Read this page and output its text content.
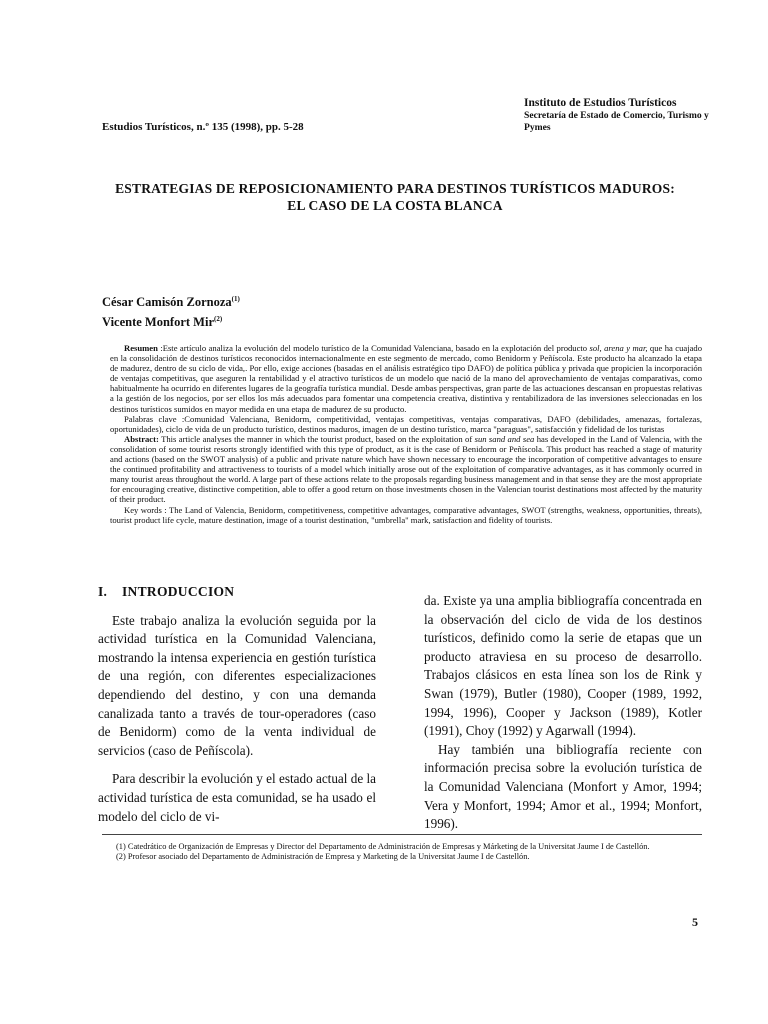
Instituto de Estudios Turísticos
Secretaría de Estado de Comercio, Turismo y Pymes
Estudios Turísticos, n.º 135 (1998), pp. 5-28
ESTRATEGIAS DE REPOSICIONAMIENTO PARA DESTINOS TURÍSTICOS MADUROS: EL CASO DE LA COSTA BLANCA
César Camisón Zornoza$^{(1)}$
Vicente Monfort Mir$^{(2)}$

Resumen :Este artículo analiza la evolución del modelo turístico de la Comunidad Valenciana, basado en la explotación del producto sol, arena y mar, que ha cuajado en la consolidación de destinos turísticos reconocidos internacionalmente en este segmento de mercado, como Benidorm y Peñíscola. Este producto ha alcanzado la etapa de madurez, dentro de su ciclo de vida,. Por ello, exige acciones (basadas en el análisis estratégico tipo DAFO) de política pública y privada que propicien la incorporación de ventajas competitivas, que aseguren la rentabilidad y el atractivo turísticos de un modelo que nació de la mano del aprovechamiento de ventajas comparativas, como habitualmente ha ocurrido en diferentes lugares de la geografía turística mundial. Desde ambas perspectivas, gran parte de las actuaciones descansan en propuestas relativas a la gestión de los negocios, por ser ellos los más adecuados para fomentar una competencia creativa, distintiva y rentabilizadora de las inversiones seleccionadas en los destinos turísticos sumidos en mayor medida en una etapa de madurez de su producto.

Palabras clave :Comunidad Valenciana, Benidorm, competitividad, ventajas competitivas, ventajas comparativas, DAFO (debilidades, amenazas, fortalezas, oportunidades), ciclo de vida de un producto turístico, destinos maduros, imagen de un destino turístico, marca "paraguas", satisfacción y fidelidad de los turistas

Abstract: This article analyses the manner in which the tourist product, based on the exploitation of sun sand and sea has developed in the Land of Valencia, with the consolidation of some tourist resorts strongly identified with this type of product, as it is the case of Benidorm or Peñíscola. This product has reached a stage of maturity and actions (based on the SWOT analysis) of a public and private nature which have shown necessary to encourage the incorporation of competitive advantages to ensure the continued profitability and attractiveness to tourists of a model which initially arose out of the exploitation of comparative advantages, as it has commonly ocurred in many tourist areas throughout the world. A large part of these actions relate to the proposals regarding business management and in that sense they are the most appropriate for encouraging creative, distinctive competition, able to offer a good return on those investments chosen in the Valencian tourist destinations most affected by the maturity of their product.

Key words : The Land of Valencia, Benidorm, competitiveness, competitive advantages, comparative advantages, SWOT (strengths, weakness, opportunities, threats), tourist product life cycle, mature destination, image of a tourist destination, "umbrella" mark, satisfaction and fidelity of tourists.

I. INTRODUCCION

Este trabajo analiza la evolución seguida por la actividad turística en la Comunidad Valenciana, mostrando la intensa experiencia en gestión turística de una región, con diferentes especializaciones dependiendo del destino, y con una demanda canalizada tanto a través de tour-operadores (caso de Benidorm) como de la venta individual de servicios (caso de Peñíscola).

Para describir la evolución y el estado actual de la actividad turística de esta comunidad, se ha usado el modelo del ciclo de vi-

da. Existe ya una amplia bibliografía concentrada en la observación del ciclo de vida de los destinos turísticos, definido como la serie de etapas que un producto atraviesa en su proceso de desarrollo. Trabajos clásicos en esta línea son los de Rink y Swan (1979), Butler (1980), Cooper (1989, 1992, 1994, 1996), Cooper y Jackson (1989), Kotler (1991), Choy (1992) y Agarwall (1994).

Hay también una bibliografía reciente con información precisa sobre la evolución turística de la Comunidad Valenciana (Monfort y Amor, 1994; Vera y Monfort, 1994; Amor et al., 1994; Monfort, 1996).

(1) Catedrático de Organización de Empresas y Director del Departamento de Administración de Empresas y Márketing de la Universitat Jaume I de Castellón.

(2) Profesor asociado del Departamento de Administración de Empresa y Marketing de la Universitat Jaume I de Castellón.

5
